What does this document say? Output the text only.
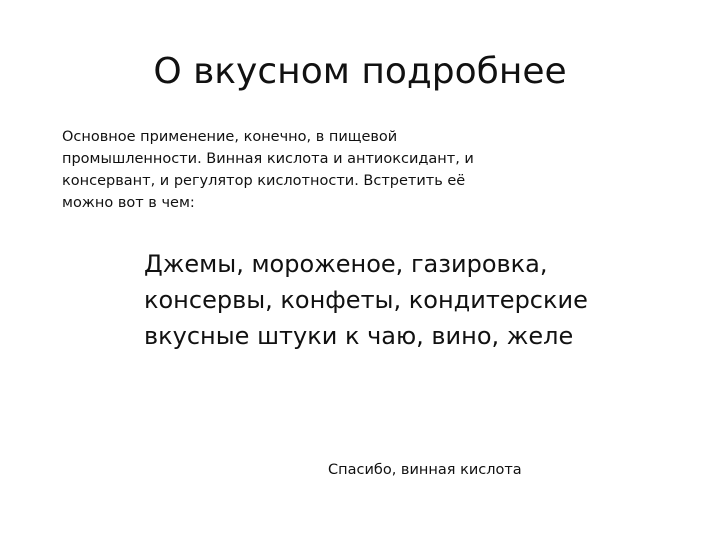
О вкусном подробнее

Основное применение, конечно, в пищевой промышленности. Винная кислота и антиоксидант, и консервант, и регулятор кислотности. Встретить её можно вот в чем:

Джемы, мороженое, газировка, консервы, конфеты, кондитерские вкусные штуки к чаю, вино, желе

Спасибо, винная кислота
